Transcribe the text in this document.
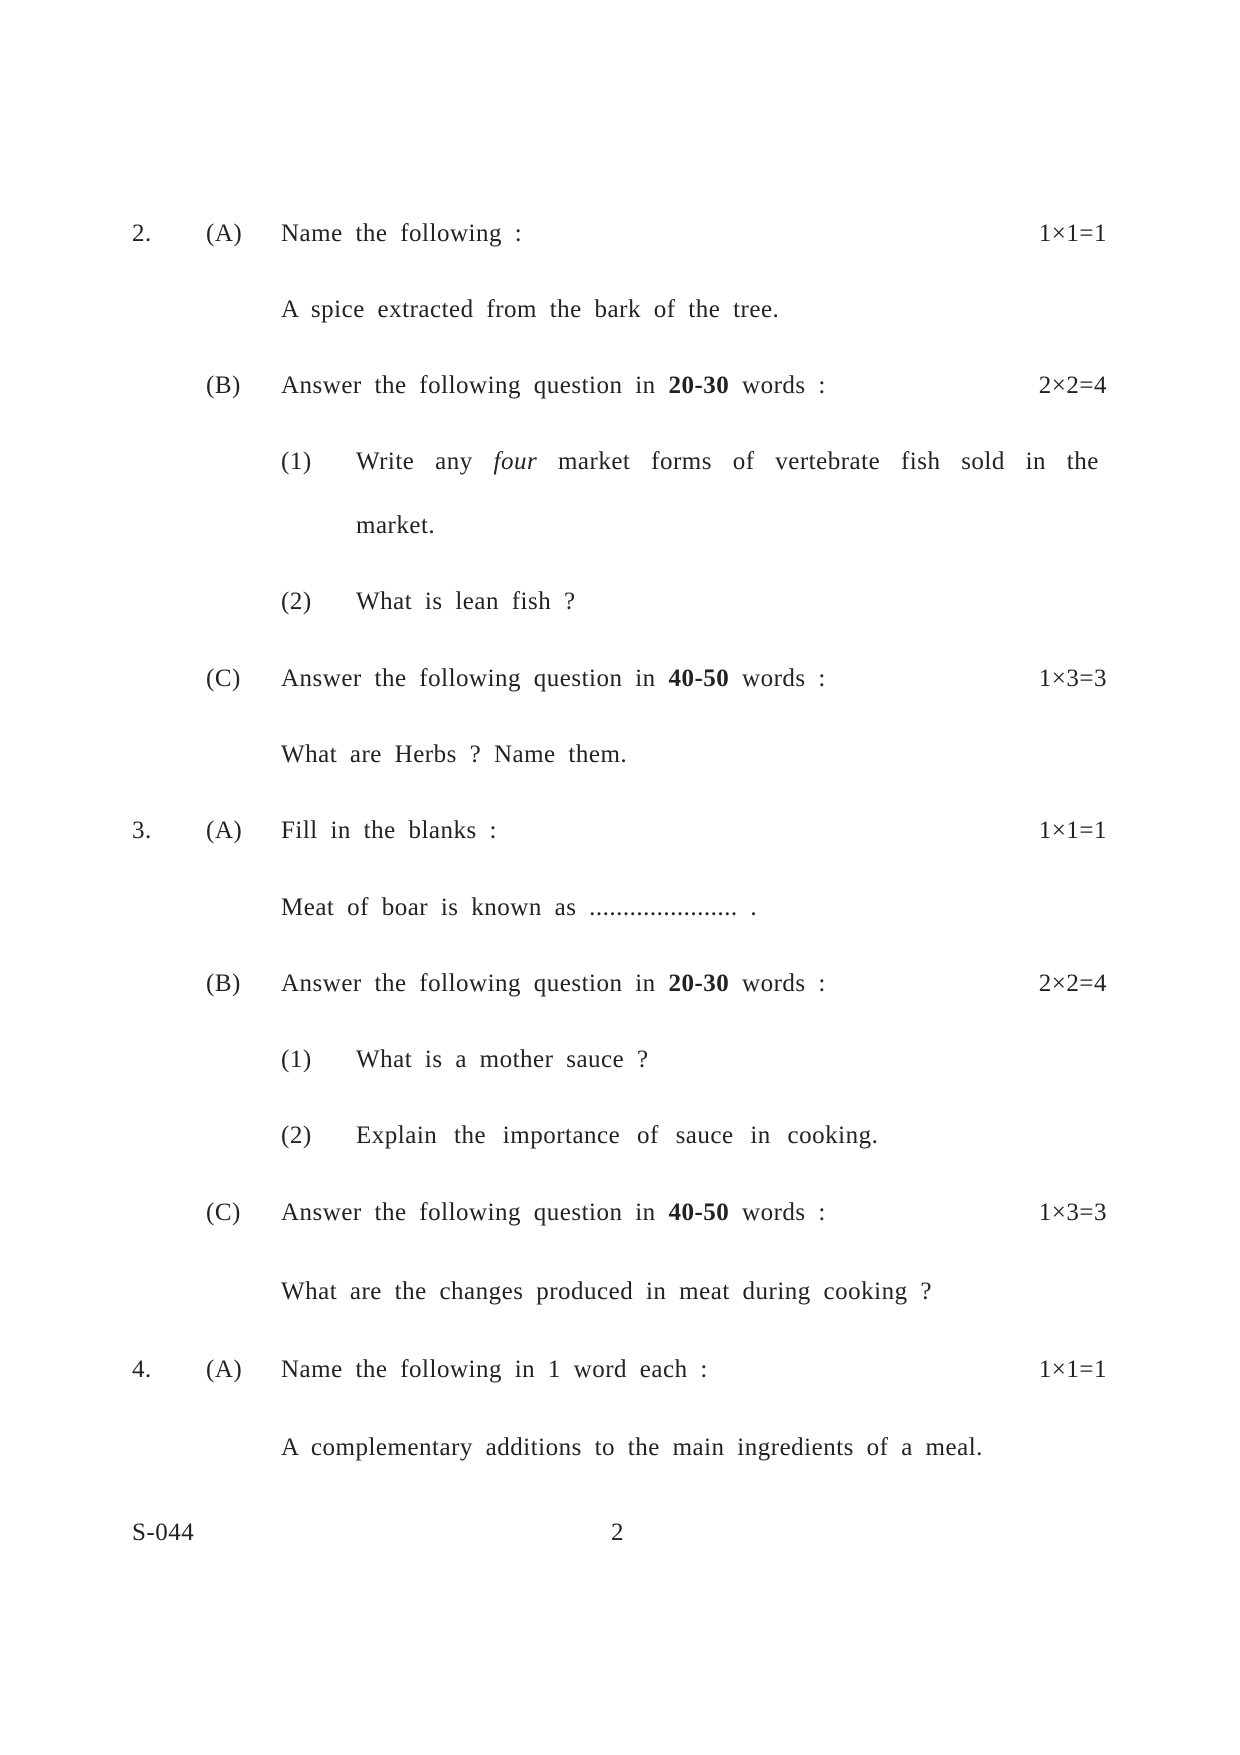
2. (A) Name the following :	1×1=1
A spice extracted from the bark of the tree.
(B) Answer the following question in 20-30 words :	2×2=4
(1) Write any four market forms of vertebrate fish sold in the
market.
(2) What is lean fish ?
(C) Answer the following question in 40-50 words :	1×3=3
What are Herbs ? Name them.
3. (A) Fill in the blanks :	1×1=1
Meat of boar is known as ...................... .
(B) Answer the following question in 20-30 words :	2×2=4
(1) What is a mother sauce ?
(2) Explain the importance of sauce in cooking.
(C) Answer the following question in 40-50 words :	1×3=3
What are the changes produced in meat during cooking ?
4. (A) Name the following in 1 word each :	1×1=1
A complementary additions to the main ingredients of a meal.
S-044	2
